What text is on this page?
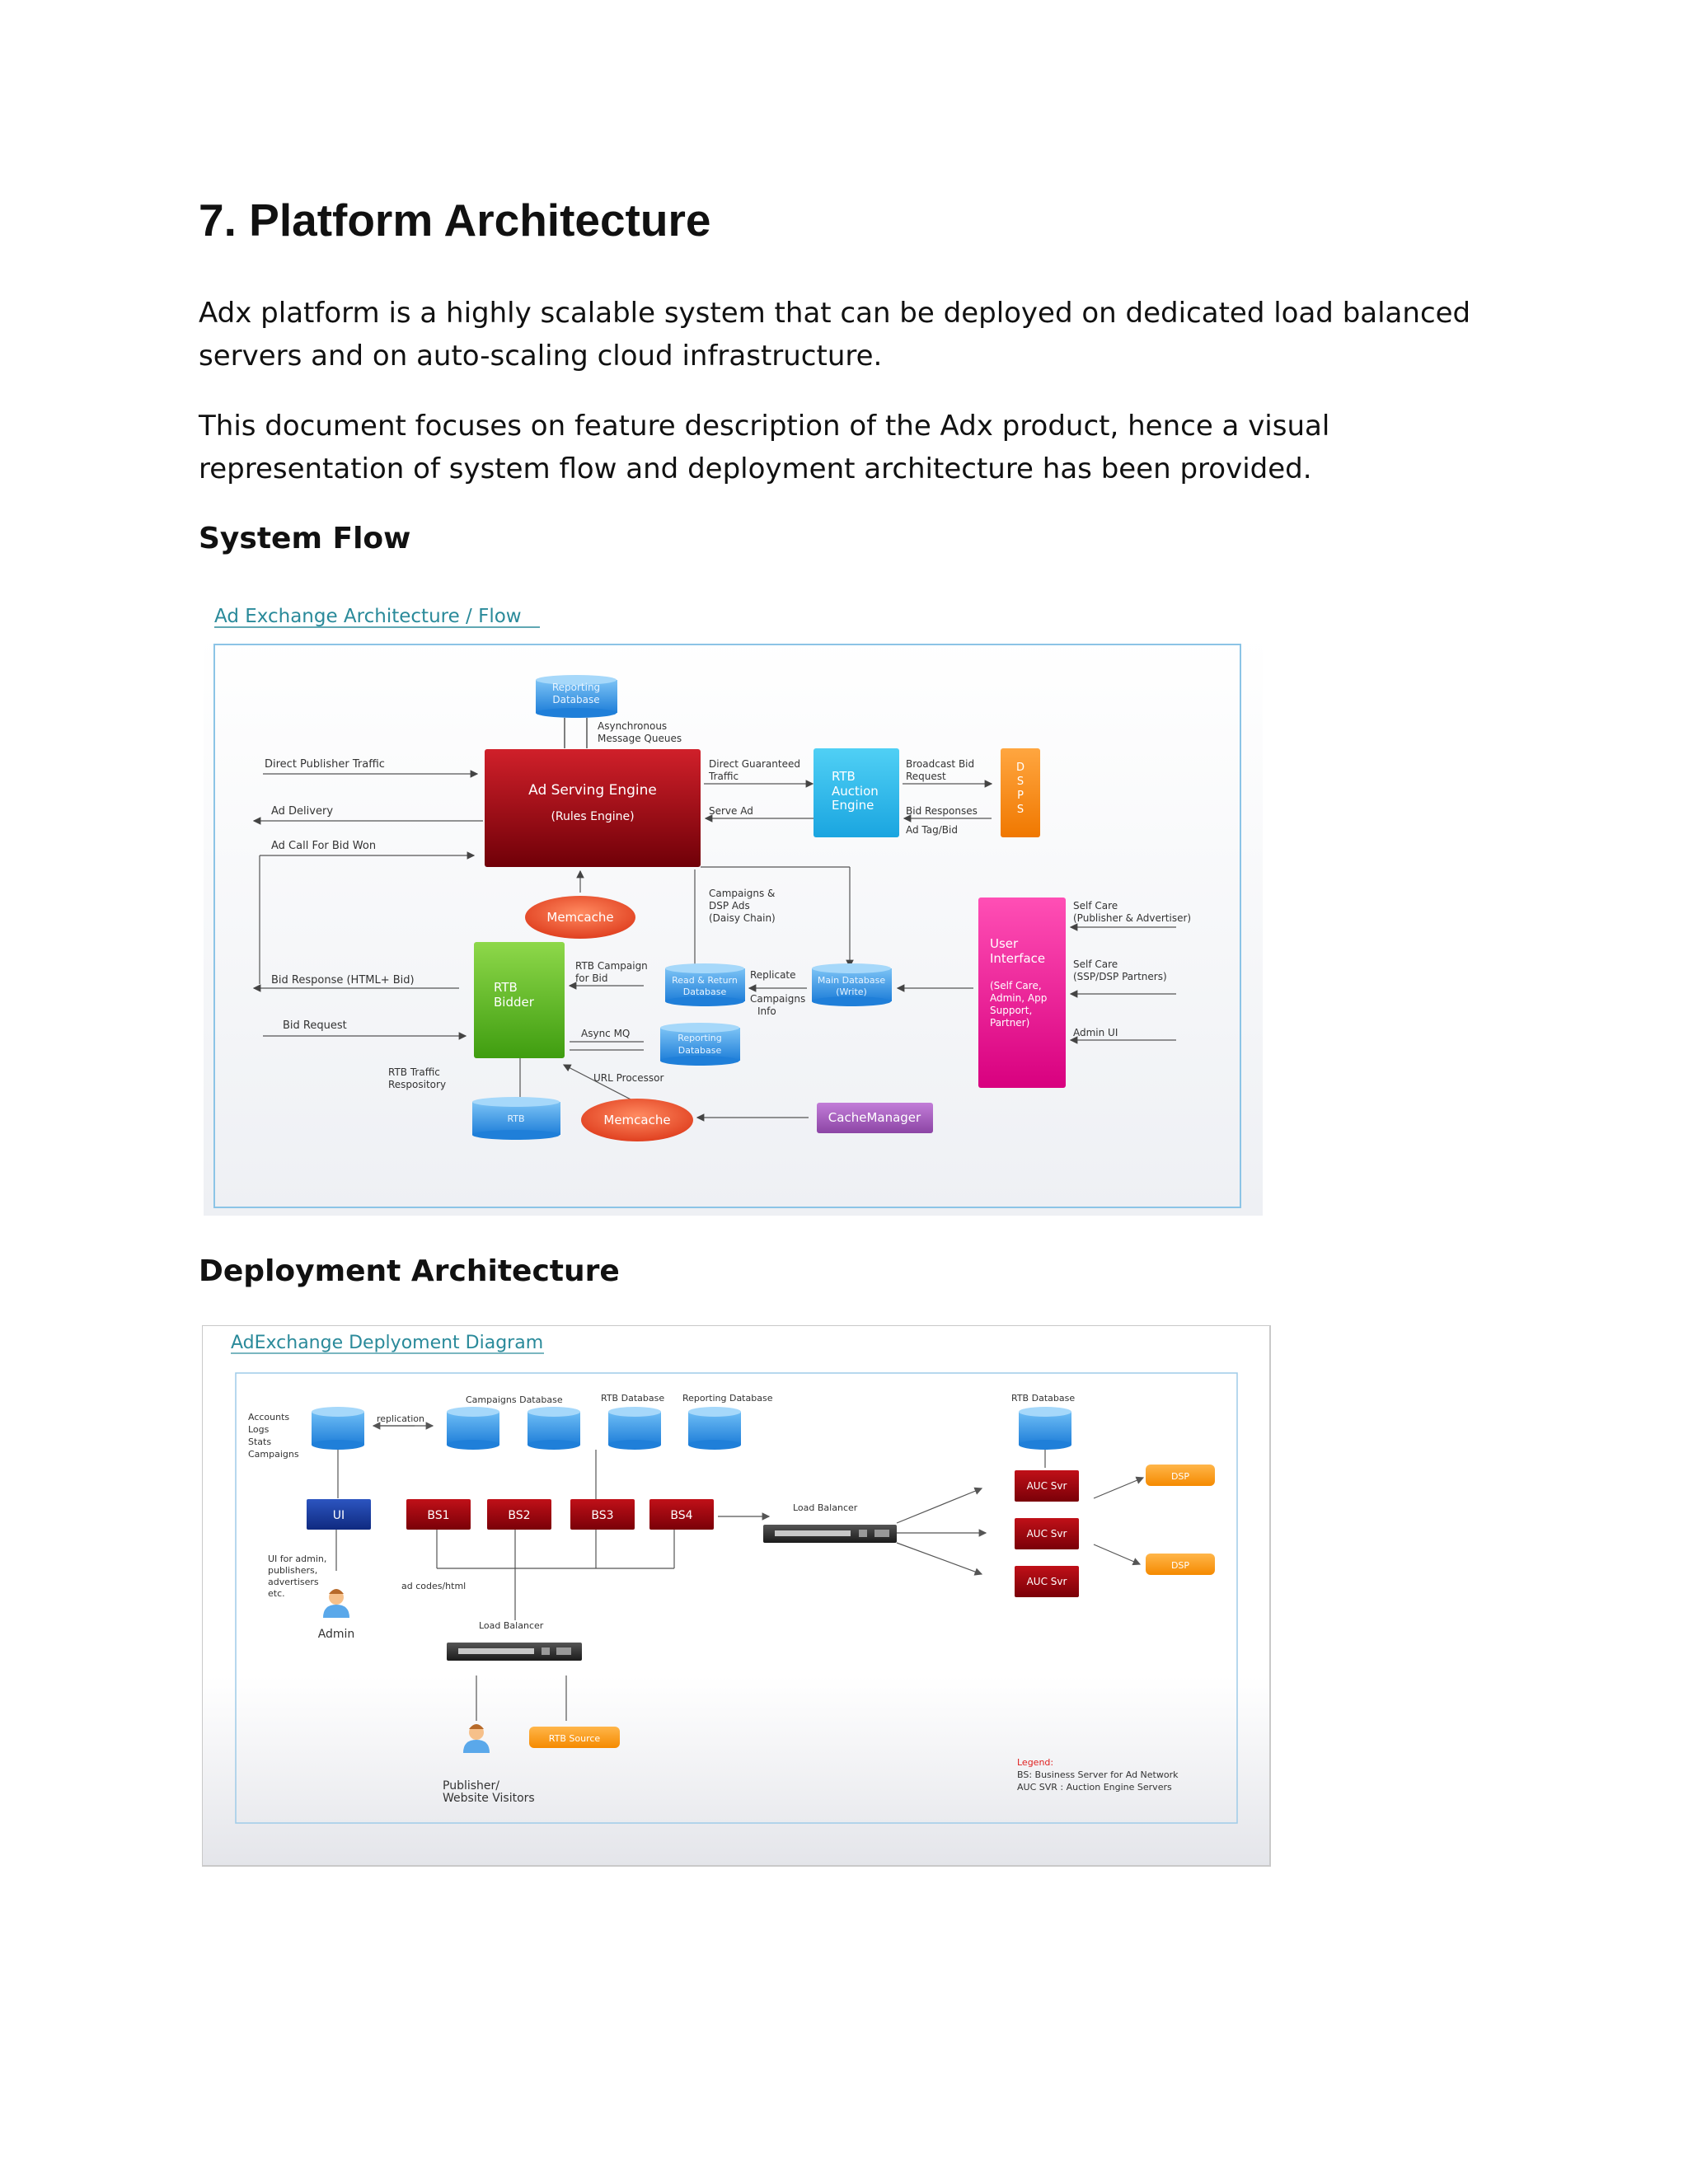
7. Platform Architecture

Adx platform is a highly scalable system that can be deployed on dedicated load balanced servers and on auto-scaling cloud infrastructure.

This document focuses on feature description of the Adx product, hence a visual representation of system flow and deployment architecture has been provided.

System Flow
Ad Exchange Architecture / Flow
Reporting
Database
Asynchronous
Message Queues
Ad Serving Engine
(Rules Engine)
Direct Publisher Traffic
Ad Delivery
Ad Call For Bid Won
Direct Guaranteed
Traffic
Serve Ad
RTB
Auction
Engine
Broadcast Bid
Request
Bid Responses
Ad Tag/Bid
D
S
P
S
Memcache
Campaigns &
DSP Ads
(Daisy Chain)
User
Interface
(Self Care,
Admin, App
Support,
Partner)
Self Care
(Publisher & Advertiser)
Self Care
(SSP/DSP Partners)
Admin UI
Bid Response (HTML+ Bid)
Bid Request
RTB
Bidder
RTB Traffic
Respository
RTB Campaign
for Bid	Read & Return
Database
Replicate
Campaigns
Info
Main Database
(Write)
Async MQ	Reporting
Database
URL Processor
RTB	Memcache	CacheManager
Deployment Architecture
AdExchange Deplyoment Diagram
Accounts
Logs
Stats
Campaigns
replication
Campaigns Database	RTB Database Reporting Database	RTB Database
UI
UI for admin,
publishers,
advertisers
etc.
Admin
BS1	BS2	BS3	BS4
ad codes/html
Load Balancer
AUC Svr
AUC Svr
AUC Svr
DSP
DSP
Load Balancer
Publisher/
Website Visitors
RTB Source
Legend:
BS: Business Server for Ad Network
AUC SVR : Auction Engine Servers
